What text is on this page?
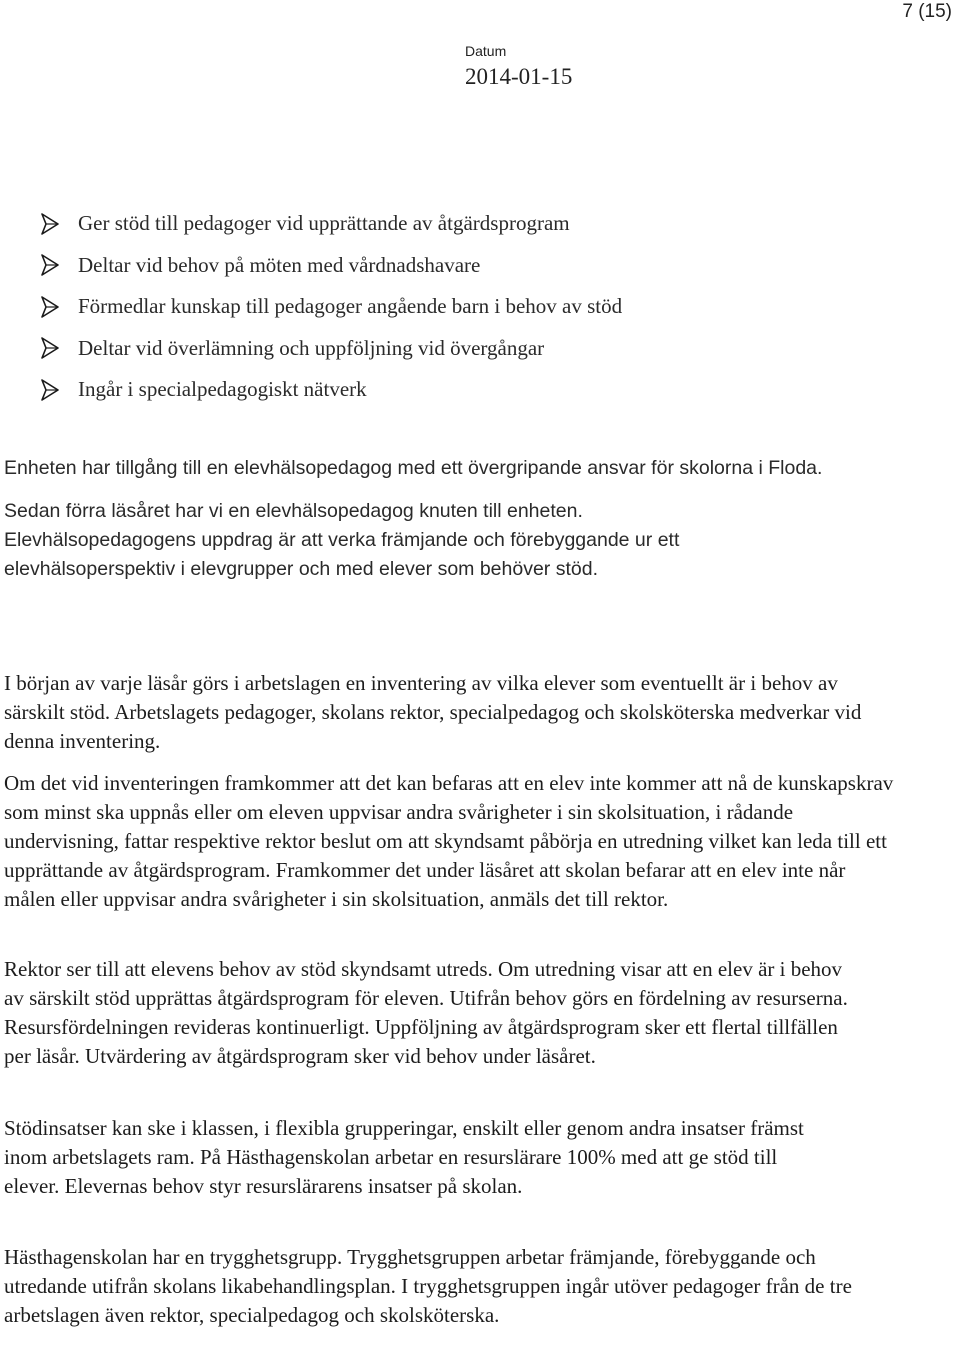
7 (15)
Datum
2014-01-15
Ger stöd till pedagoger vid upprättande av åtgärdsprogram
Deltar vid behov på möten med vårdnadshavare
Förmedlar kunskap till pedagoger angående barn i behov av stöd
Deltar vid överlämning och uppföljning vid övergångar
Ingår i specialpedagogiskt nätverk

Enheten har tillgång till en elevhälsopedagog med ett övergripande ansvar för skolorna i Floda.

Sedan förra läsåret har vi en elevhälsopedagog knuten till enheten.

Elevhälsopedagogens uppdrag är att verka främjande och förebyggande ur ett elevhälsoperspektiv i elevgrupper och med elever som behöver stöd.

I början av varje läsår görs i arbetslagen en inventering av vilka elever som eventuellt är i behov av särskilt stöd. Arbetslagets pedagoger, skolans rektor, specialpedagog och skolsköterska medverkar vid denna inventering.

Om det vid inventeringen framkommer att det kan befaras att en elev inte kommer att nå de kunskapskrav som minst ska uppnås eller om eleven uppvisar andra svårigheter i sin skolsituation, i rådande undervisning, fattar respektive rektor beslut om att skyndsamt påbörja en utredning vilket kan leda till ett upprättande av åtgärdsprogram. Framkommer det under läsåret att skolan befarar att en elev inte når målen eller uppvisar andra svårigheter i sin skolsituation, anmäls det till rektor.

Rektor ser till att elevens behov av stöd skyndsamt utreds. Om utredning visar att en elev är i behov av särskilt stöd upprättas åtgärdsprogram för eleven. Utifrån behov görs en fördelning av resurserna. Resursfördelningen revideras kontinuerligt. Uppföljning av åtgärdsprogram sker ett flertal tillfällen per läsår. Utvärdering av åtgärdsprogram sker vid behov under läsåret.

Stödinsatser kan ske i klassen, i flexibla grupperingar, enskilt eller genom andra insatser främst inom arbetslagets ram. På Hästhagenskolan arbetar en resurslärare 100% med att ge stöd till elever. Elevernas behov styr resurslärarens insatser på skolan.

Hästhagenskolan har en trygghetsgrupp. Trygghetsgruppen arbetar främjande, förebyggande och utredande utifrån skolans likabehandlingsplan. I trygghetsgruppen ingår utöver pedagoger från de tre arbetslagen även rektor, specialpedagog och skolsköterska.
